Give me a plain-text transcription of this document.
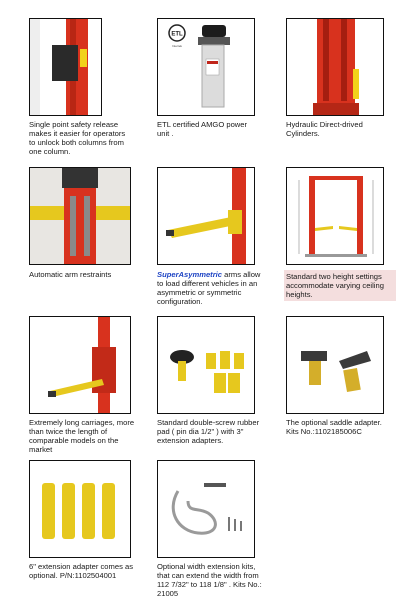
Single point safety release makes it easier for operators to unlock both columns from one column.
ETL
Intertek
ETL certified AMGO power unit .
Hydraulic Direct-drived Cylinders.
Automatic arm restraints	SuperAsymmetric arms allow to load different vehicles in an asymmetric or symmetric configuration.
Standard two height settings accommodate varying ceiling heights.
Extremely long carriages, more than twice the length of comparable models on the market
Standard double-screw rubber pad ( pin dia 1/2" ) with 3" extension adapters.
The optional saddle adapter. Kits No.:1102185006C
6" extension adapter comes as optional. P/N:1102504001
Optional width extension kits, that can extend the width from 112 7/32" to 118 1/8" . Kits No.: 21005
